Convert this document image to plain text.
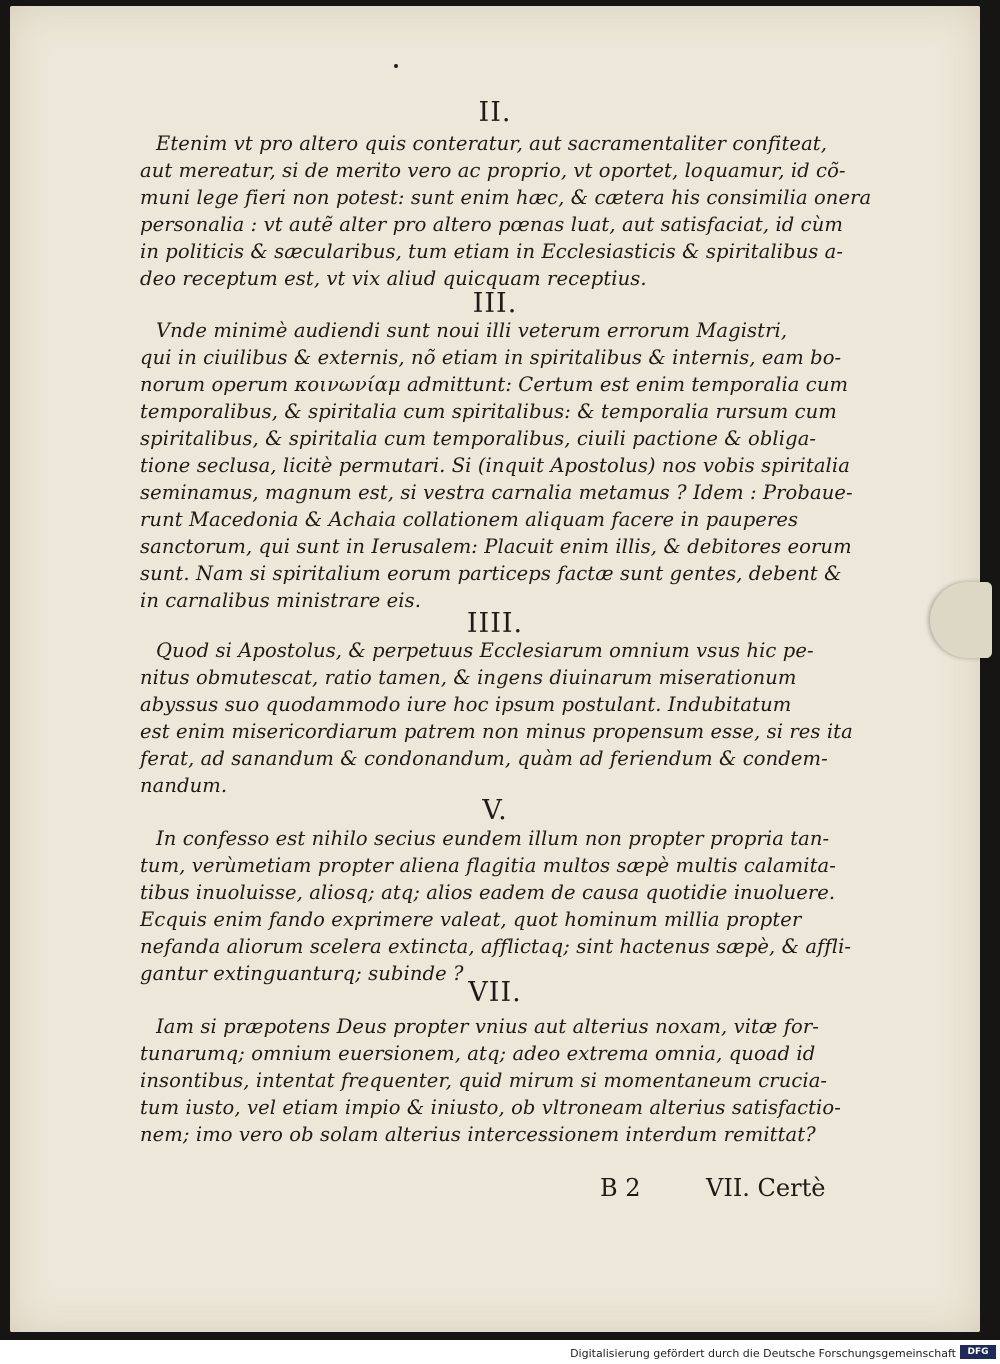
II.
Etenim vt pro altero quis conteratur, aut sacramentaliter confiteat,
aut mereatur, si de merito vero ac proprio, vt oportet, loquamur, id cõ-
muni lege fieri non potest: sunt enim hæc, & cætera his consimilia onera
personalia : vt autẽ alter pro altero pœnas luat, aut satisfaciat, id cùm
in politicis & sæcularibus, tum etiam in Ecclesiasticis & spiritalibus a-
deo receptum est, vt vix aliud quicquam receptius.
III.
Vnde minimè audiendi sunt noui illi veterum errorum Magistri,
qui in ciuilibus & externis, nõ etiam in spiritalibus & internis, eam bo-
norum operum κοινωνίαμ admittunt: Certum est enim temporalia cum
temporalibus, & spiritalia cum spiritalibus: & temporalia rursum cum
spiritalibus, & spiritalia cum temporalibus, ciuili pactione & obliga-
tione seclusa, licitè permutari. Si (inquit Apostolus) nos vobis spiritalia
seminamus, magnum est, si vestra carnalia metamus ? Idem : Probaue-
runt Macedonia & Achaia collationem aliquam facere in pauperes
sanctorum, qui sunt in Ierusalem: Placuit enim illis, & debitores eorum
sunt. Nam si spiritalium eorum particeps factæ sunt gentes, debent &
in carnalibus ministrare eis.
IIII.
Quod si Apostolus, & perpetuus Ecclesiarum omnium vsus hic pe-
nitus obmutescat, ratio tamen, & ingens diuinarum miserationum
abyssus suo quodammodo iure hoc ipsum postulant. Indubitatum
est enim misericordiarum patrem non minus propensum esse, si res ita
ferat, ad sanandum & condonandum, quàm ad feriendum & condem-
nandum.
V.
In confesso est nihilo secius eundem illum non propter propria tan-
tum, verùmetiam propter aliena flagitia multos sæpè multis calamita-
tibus inuoluisse, aliosq; atq; alios eadem de causa quotidie inuoluere.
Ecquis enim fando exprimere valeat, quot hominum millia propter
nefanda aliorum scelera extincta, afflictaq; sint hactenus sæpè, & affli-
gantur extinguanturq; subinde ?
VII.
Iam si præpotens Deus propter vnius aut alterius noxam, vitæ for-
tunarumq; omnium euersionem, atq; adeo extrema omnia, quoad id
insontibus, intentat frequenter, quid mirum si momentaneum crucia-
tum iusto, vel etiam impio & iniusto, ob vltroneam alterius satisfactio-
nem; imo vero ob solam alterius intercessionem interdum remittat?
B 2	VII. Certè
Digitalisierung gefördert durch die Deutsche Forschungsgemeinschaft	DFG
